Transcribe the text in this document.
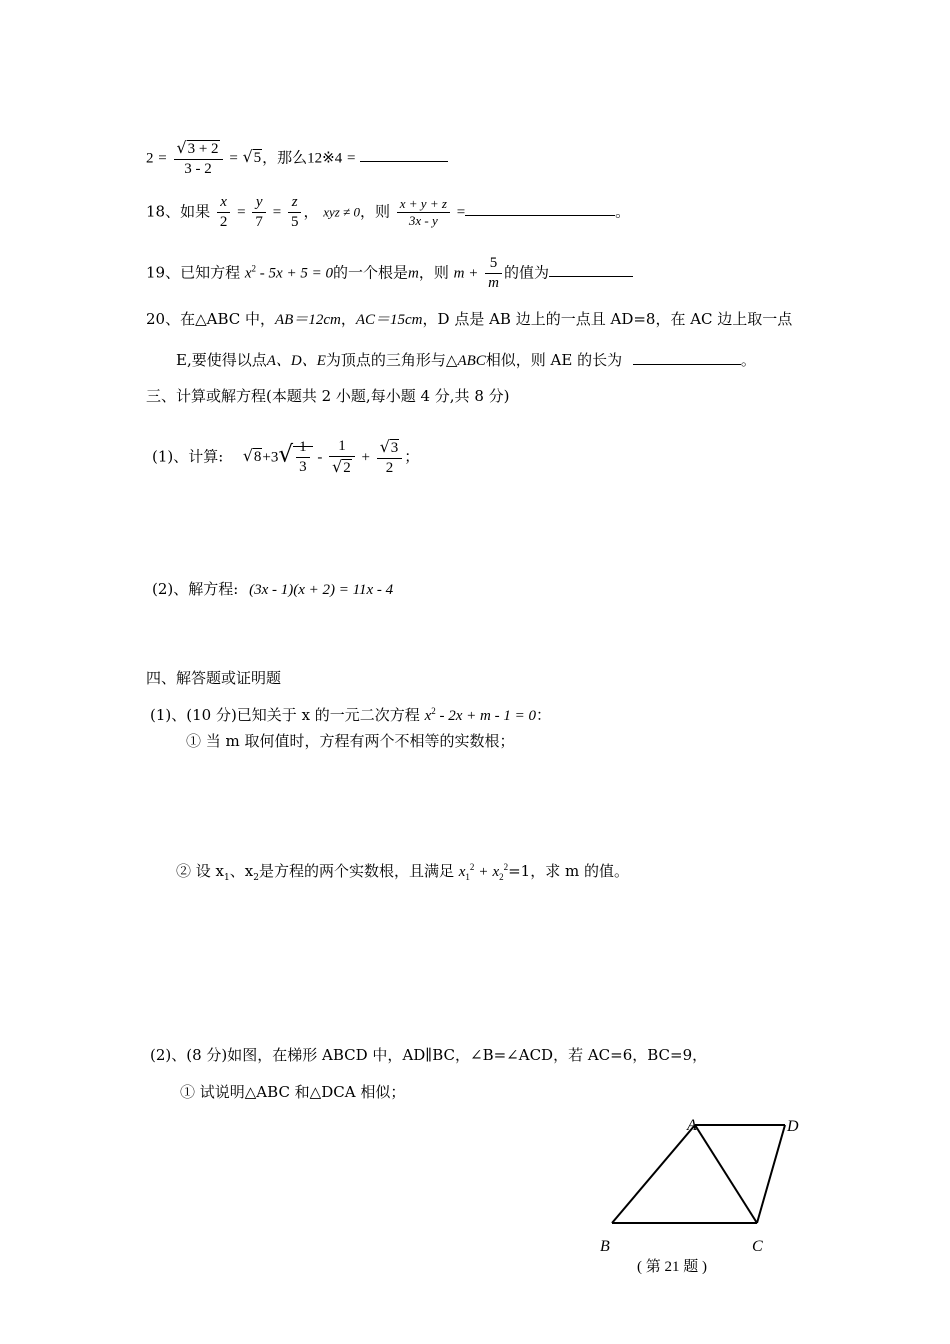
$2 = \frac{√3 + 2}{3 - 2} = √5$，那么12※4 =
18、如果 $\frac{x}{2} = \frac{y}{7} = \frac{z}{5}$ ， xyz ≠ 0，则 $\frac{x + y + z}{3x - y}$ =	。
19、已知方程 $x^2 - 5x + 5 = 0$的一个根是m，则 $m + \frac{5}{m}$ 的值为
20、在△ABC 中，AB＝12cm，AC＝15cm，D 点是 AB 边上的一点且 AD=8，在 AC 边上取一点
E,要使得以点A、D、E为顶点的三角形与△ABC相似，则 AE 的长为	。
三、计算或解方程(本题共 2 小题,每小题 4 分,共 8 分)
(1)、计算: $√8+3√ \frac{1}{3} - \frac{1}{√2} + \frac{√3}{2}$ ；
(2)、解方程: (3x - 1)(x + 2) = 11x - 4
四、解答题或证明题
(1)、(10 分)已知关于 x 的一元二次方程 $x^2 - 2x + m - 1 = 0$：
① 当 m 取何值时，方程有两个不相等的实数根；
② 设 $x_1$、$x_2$是方程的两个实数根，且满足 $x_1^2 + x_2^2=1$，求 m 的值。
(2)、(8 分)如图，在梯形 ABCD 中，AD∥BC，∠B=∠ACD，若 AC=6，BC=9，
① 试说明△ABC 和△DCA 相似；
A	D
B	C
( 第 21 题 )
